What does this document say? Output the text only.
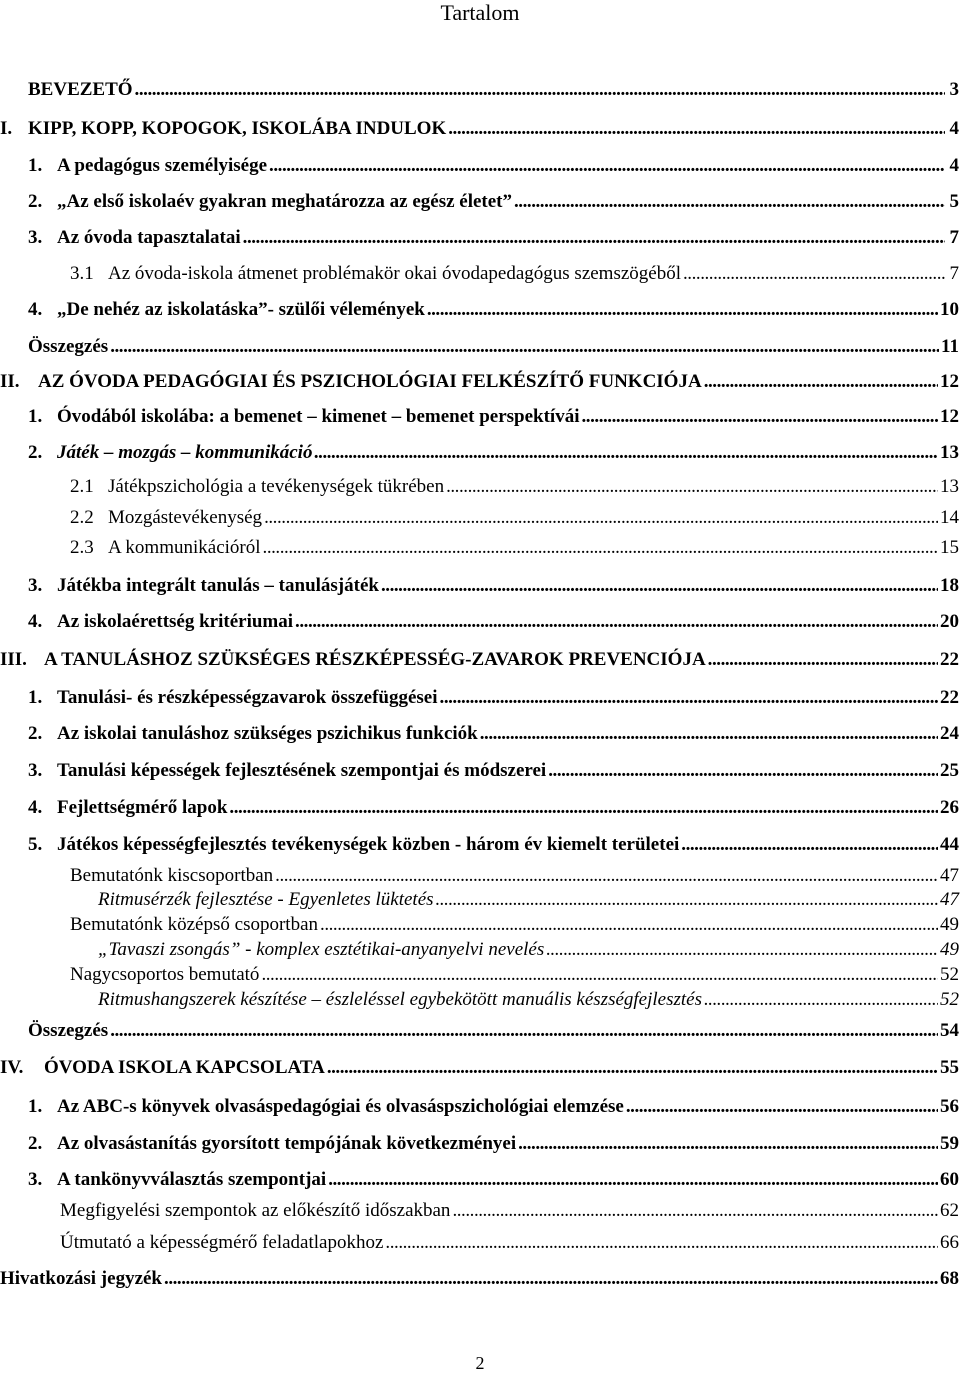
Tartalom
BEVEZETŐ . . .	3
I. KIPP, KOPP, KOPOGOK, ISKOLÁBA INDULOK . . .	4
1. A pedagógus személyisége . . .	4
2. „Az első iskolaév gyakran meghatározza az egész életet” . . .	5
3. Az óvoda tapasztalatai . . .	7
3.1 Az óvoda-iskola átmenet problémakör okai óvodapedagógus szemszögéből . . .	7
4. „De nehéz az iskolatáska”- szülői vélemények . . .	10
Összegzés . . .	11
II. AZ ÓVODA PEDAGÓGIAI ÉS PSZICHOLÓGIAI FELKÉSZÍTŐ FUNKCIÓJA . . .	12
1. Óvodából iskolába: a bemenet – kimenet – bemenet perspektívái . . .	12
2. Játék – mozgás – kommunikáció . . .	13
2.1 Játékpszichológia a tevékenységek tükrében . . .	13
2.2 Mozgástevékenység . . .	14
2.3 A kommunikációról . . .	15
3. Játékba integrált tanulás – tanulásjáték . . .	18
4. Az iskolaérettség kritériumai . . .	20
III. A TANULÁSHOZ SZÜKSÉGES RÉSZKÉPESSÉG-ZAVAROK PREVENCIÓJA . . .	22
1. Tanulási- és részképességzavarok összefüggései . . .	22
2. Az iskolai tanuláshoz szükséges pszichikus funkciók . . .	24
3. Tanulási képességek fejlesztésének szempontjai és módszerei . . .	25
4. Fejlettségmérő lapok . . .	26
5. Játékos képességfejlesztés tevékenységek közben - három év kiemelt területei . . .	44
Bemutatónk kiscsoportban . . .	47
Ritmusérzék fejlesztése - Egyenletes lüktetés . . .	47
Bemutatónk középső csoportban . . .	49
„Tavaszi zsongás” - komplex esztétikai-anyanyelvi nevelés . . .	49
Nagycsoportos bemutató . . .	52
Ritmushangszerek készítése – észleléssel egybekötött manuális készségfejlesztés . . .	52
Összegzés . . .	54
IV.	ÓVODA ISKOLA KAPCSOLATA . . .	55
1. Az ABC-s könyvek olvasáspedagógiai és olvasáspszichológiai elemzése . . .	56
2. Az olvasástanítás gyorsított tempójának következményei . . .	59
3. A tankönyvválasztás szempontjai . . .	60
Megfigyelési szempontok az előkészítő időszakban . . .	62
Útmutató a képességmérő feladatlapokhoz . . .	66
Hivatkozási jegyzék . . .	68
2
